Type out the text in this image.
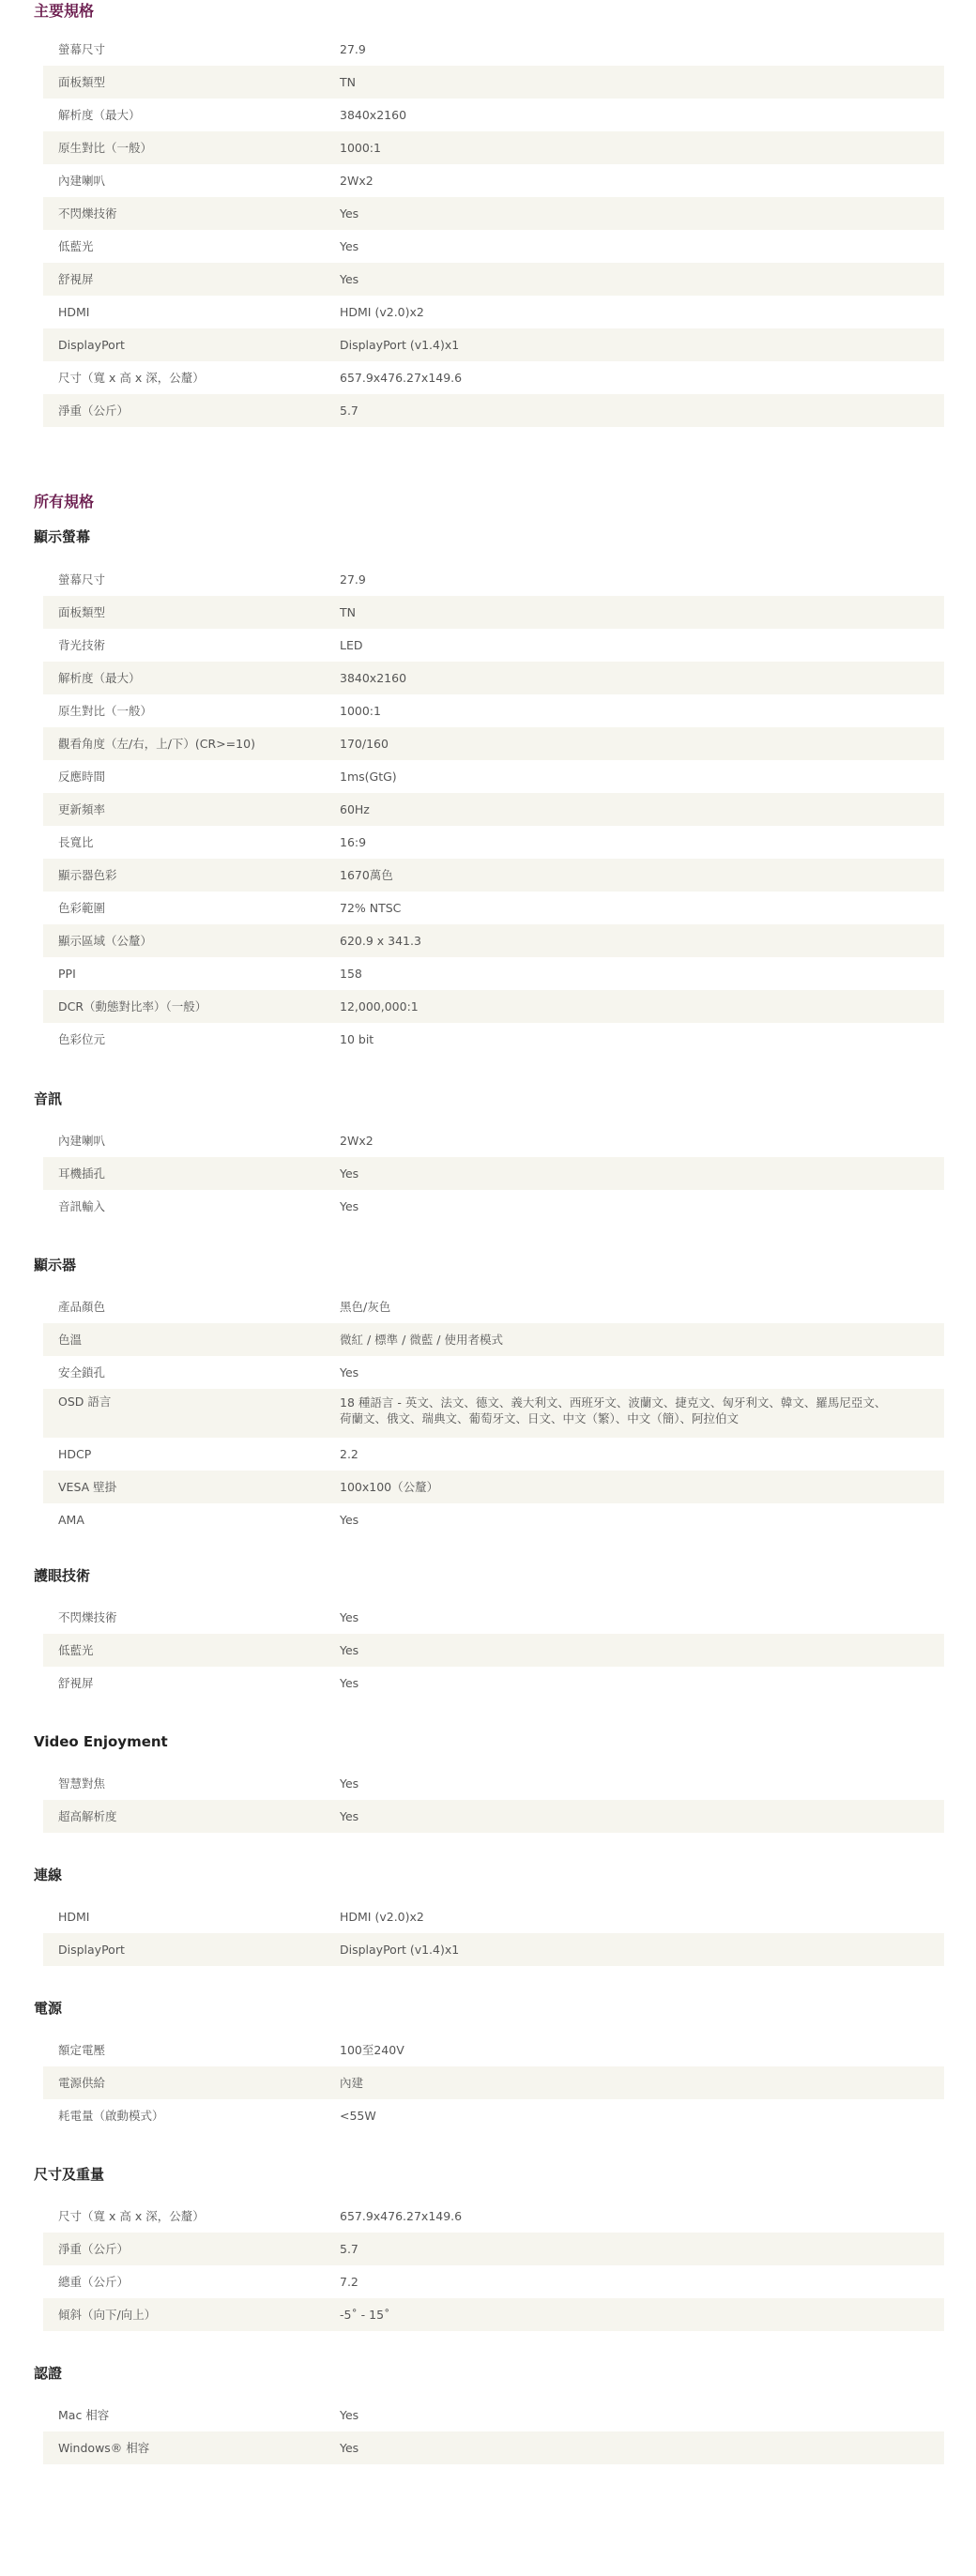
主要規格
螢幕尺寸	27.9
面板類型	TN
解析度（最大）	3840x2160
原生對比（一般）	1000:1
內建喇叭	2Wx2
不閃爍技術	Yes
低藍光	Yes
舒視屏	Yes
HDMI	HDMI (v2.0)x2
DisplayPort	DisplayPort (v1.4)x1
尺寸（寬 x 高 x 深，公釐）	657.9x476.27x149.6
淨重（公斤）	5.7
所有規格
顯示螢幕
螢幕尺寸	27.9
面板類型	TN
背光技術	LED
解析度（最大）	3840x2160
原生對比（一般）	1000:1
觀看角度（左/右，上/下）(CR>=10)	170/160
反應時間	1ms(GtG)
更新頻率	60Hz
長寬比	16:9
顯示器色彩	1670萬色
色彩範圍	72% NTSC
顯示區域（公釐）	620.9 x 341.3
PPI	158
DCR（動態對比率）（一般）	12,000,000:1
色彩位元	10 bit
音訊
內建喇叭	2Wx2
耳機插孔	Yes
音訊輸入	Yes
顯示器
產品顏色	黑色/灰色
色溫	微紅 / 標準 / 微藍 / 使用者模式
安全鎖孔	Yes
OSD 語言	18 種語言 - 英文、法文、德文、義大利文、西班牙文、波蘭文、捷克文、匈牙利文、韓文、羅馬尼亞文、
荷蘭文、俄文、瑞典文、葡萄牙文、日文、中文（繁）、中文（簡）、阿拉伯文
HDCP	2.2
VESA 壁掛	100x100（公釐）
AMA	Yes
護眼技術
不閃爍技術	Yes
低藍光	Yes
舒視屏	Yes
Video Enjoyment
智慧對焦	Yes
超高解析度	Yes
連線
HDMI	HDMI (v2.0)x2
DisplayPort	DisplayPort (v1.4)x1
電源
額定電壓	100至240V
電源供給	內建
耗電量（啟動模式）	<55W
尺寸及重量
尺寸（寬 x 高 x 深，公釐）	657.9x476.27x149.6
淨重（公斤）	5.7
總重（公斤）	7.2
傾斜（向下/向上）	-5˚ - 15˚
認證
Mac 相容	Yes
Windows® 相容	Yes
